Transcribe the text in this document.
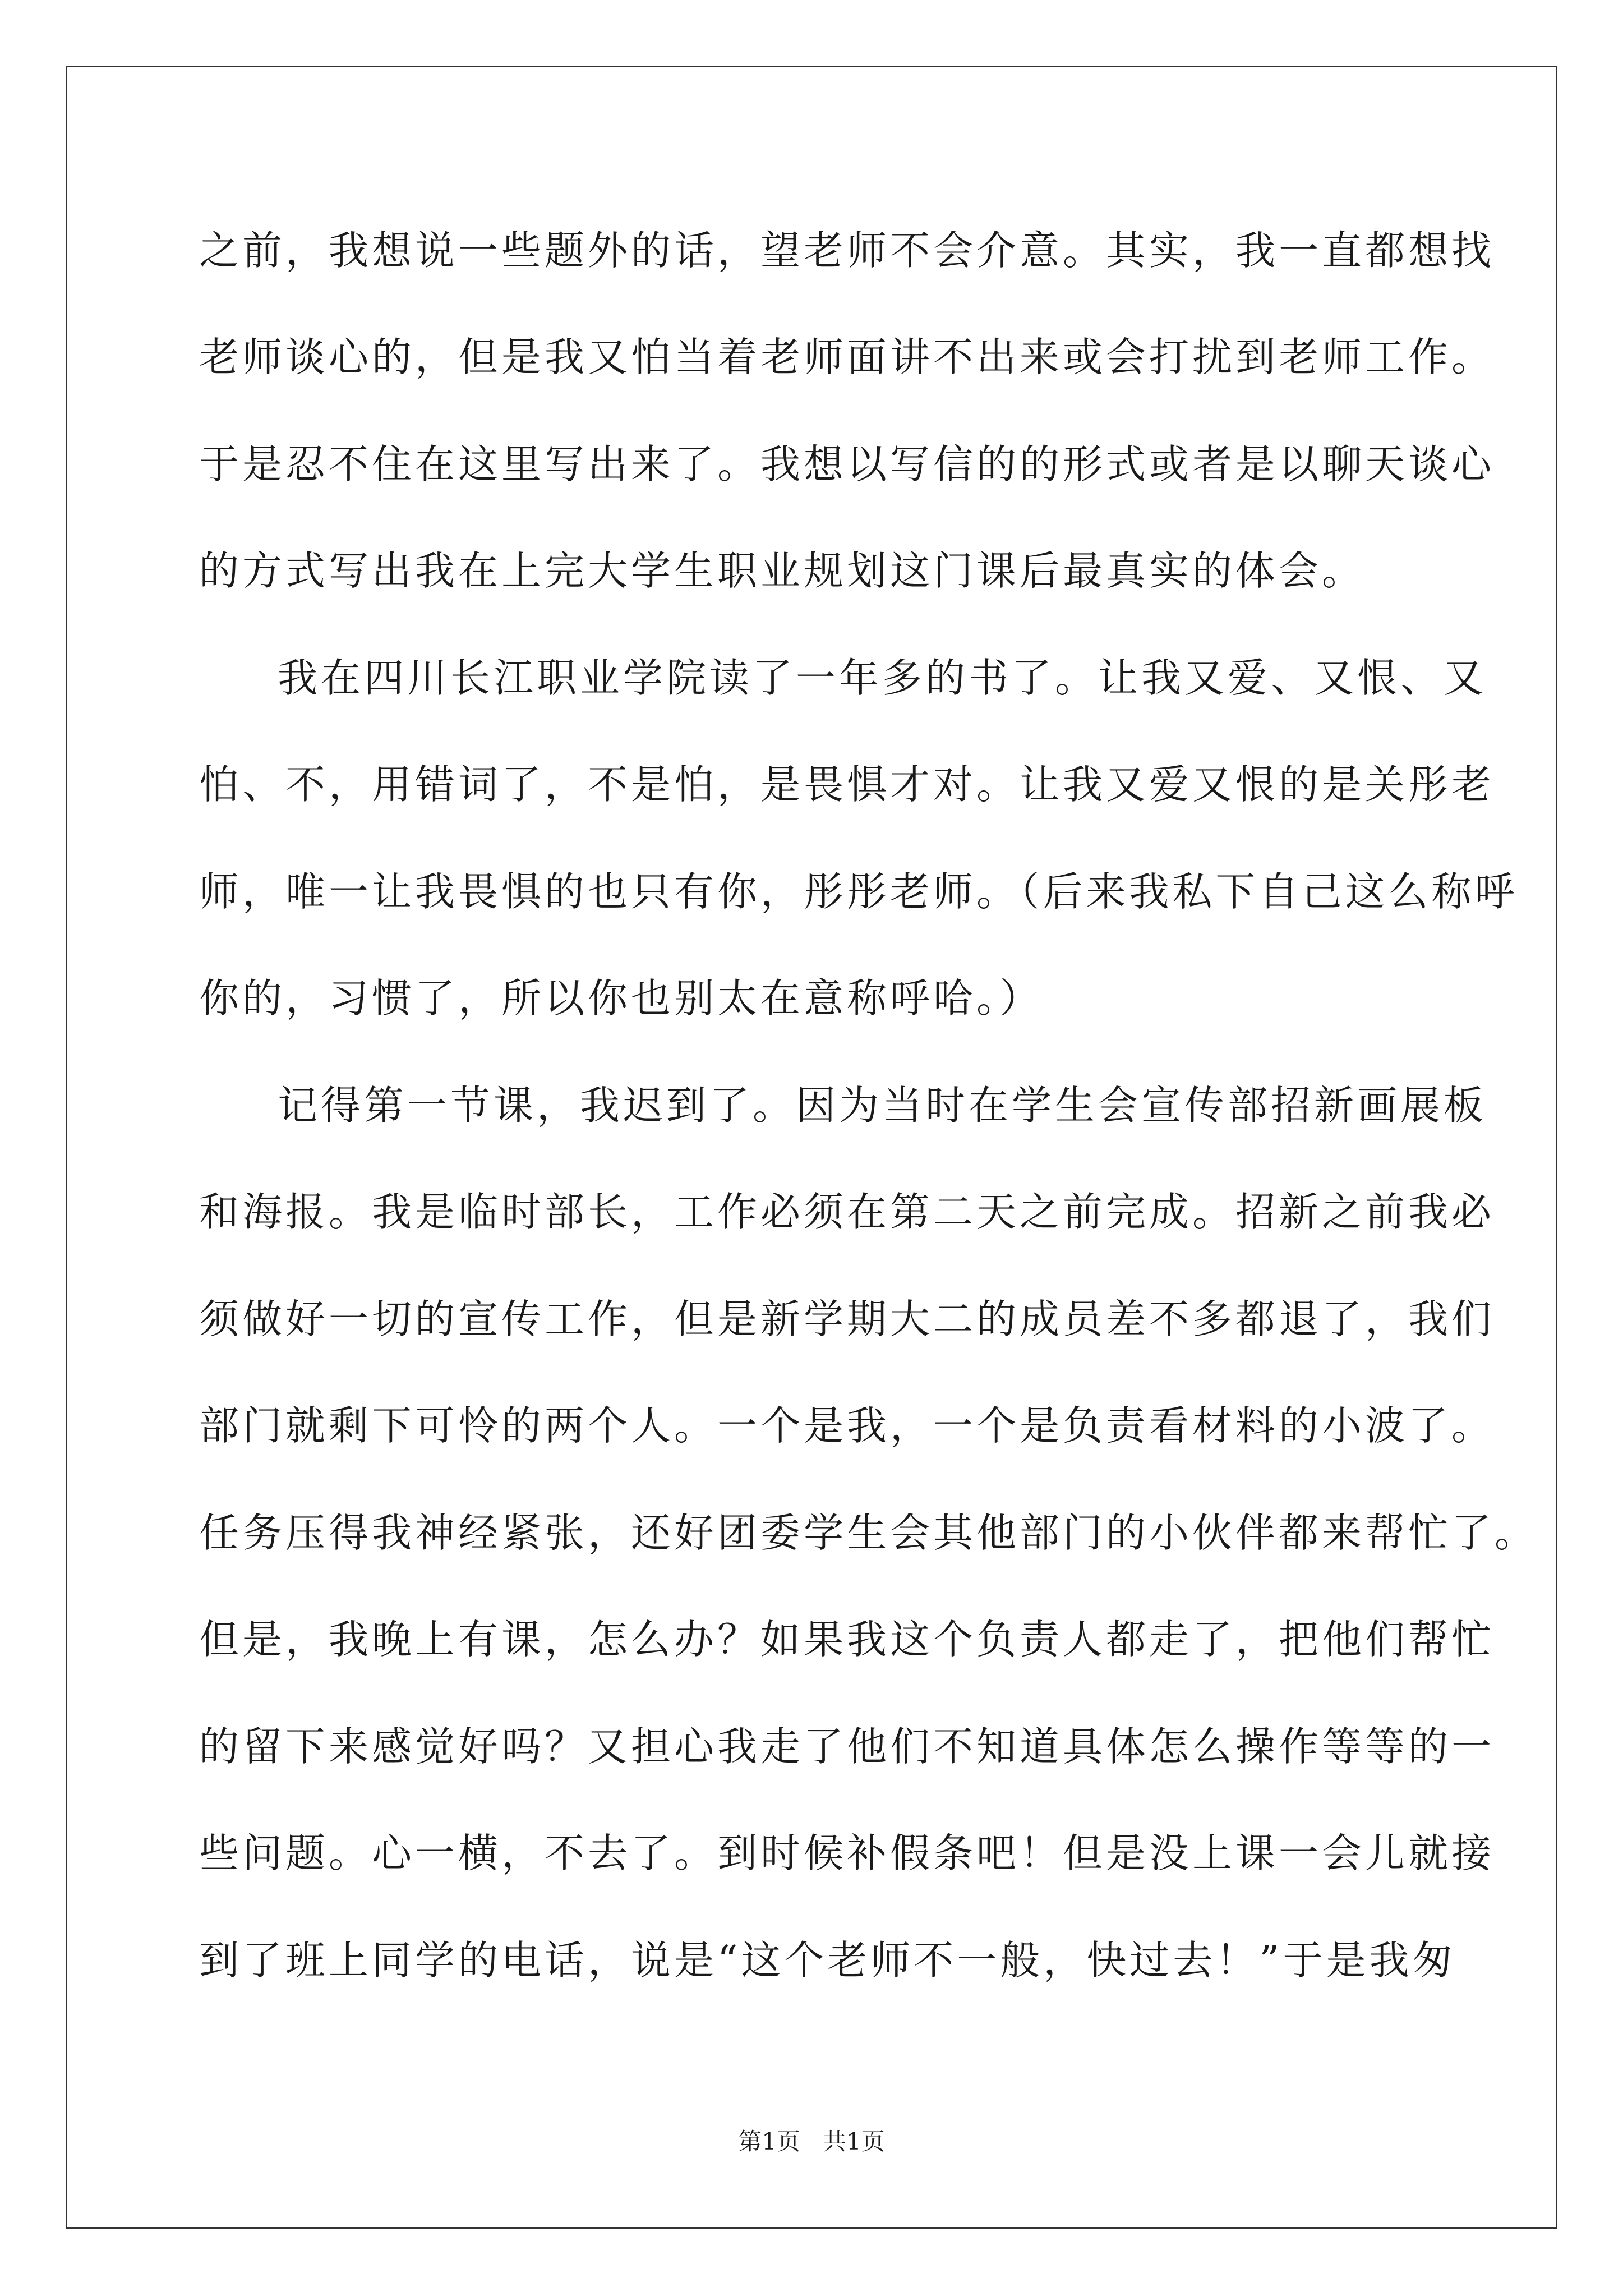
之前，我想说一些题外的话，望老师不会介意。其实，我一直都想找
老师谈心的，但是我又怕当着老师面讲不出来或会打扰到老师工作。
于是忍不住在这里写出来了。我想以写信的的形式或者是以聊天谈心
的方式写出我在上完大学生职业规划这门课后最真实的体会。
我在四川长江职业学院读了一年多的书了。让我又爱、又恨、又
怕、不，用错词了，不是怕，是畏惧才对。让我又爱又恨的是关彤老
师，唯一让我畏惧的也只有你，彤彤老师。（后来我私下自己这么称呼
你的，习惯了，所以你也别太在意称呼哈。）
记得第一节课，我迟到了。因为当时在学生会宣传部招新画展板
和海报。我是临时部长，工作必须在第二天之前完成。招新之前我必
须做好一切的宣传工作，但是新学期大二的成员差不多都退了，我们
部门就剩下可怜的两个人。一个是我，一个是负责看材料的小波了。
任务压得我神经紧张，还好团委学生会其他部门的小伙伴都来帮忙了。
但是，我晚上有课，怎么办？如果我这个负责人都走了，把他们帮忙
的留下来感觉好吗？又担心我走了他们不知道具体怎么操作等等的一
些问题。心一横，不去了。到时候补假条吧！但是没上课一会儿就接
到了班上同学的电话，说是“这个老师不一般，快过去！”于是我匆
第1页 共1页
